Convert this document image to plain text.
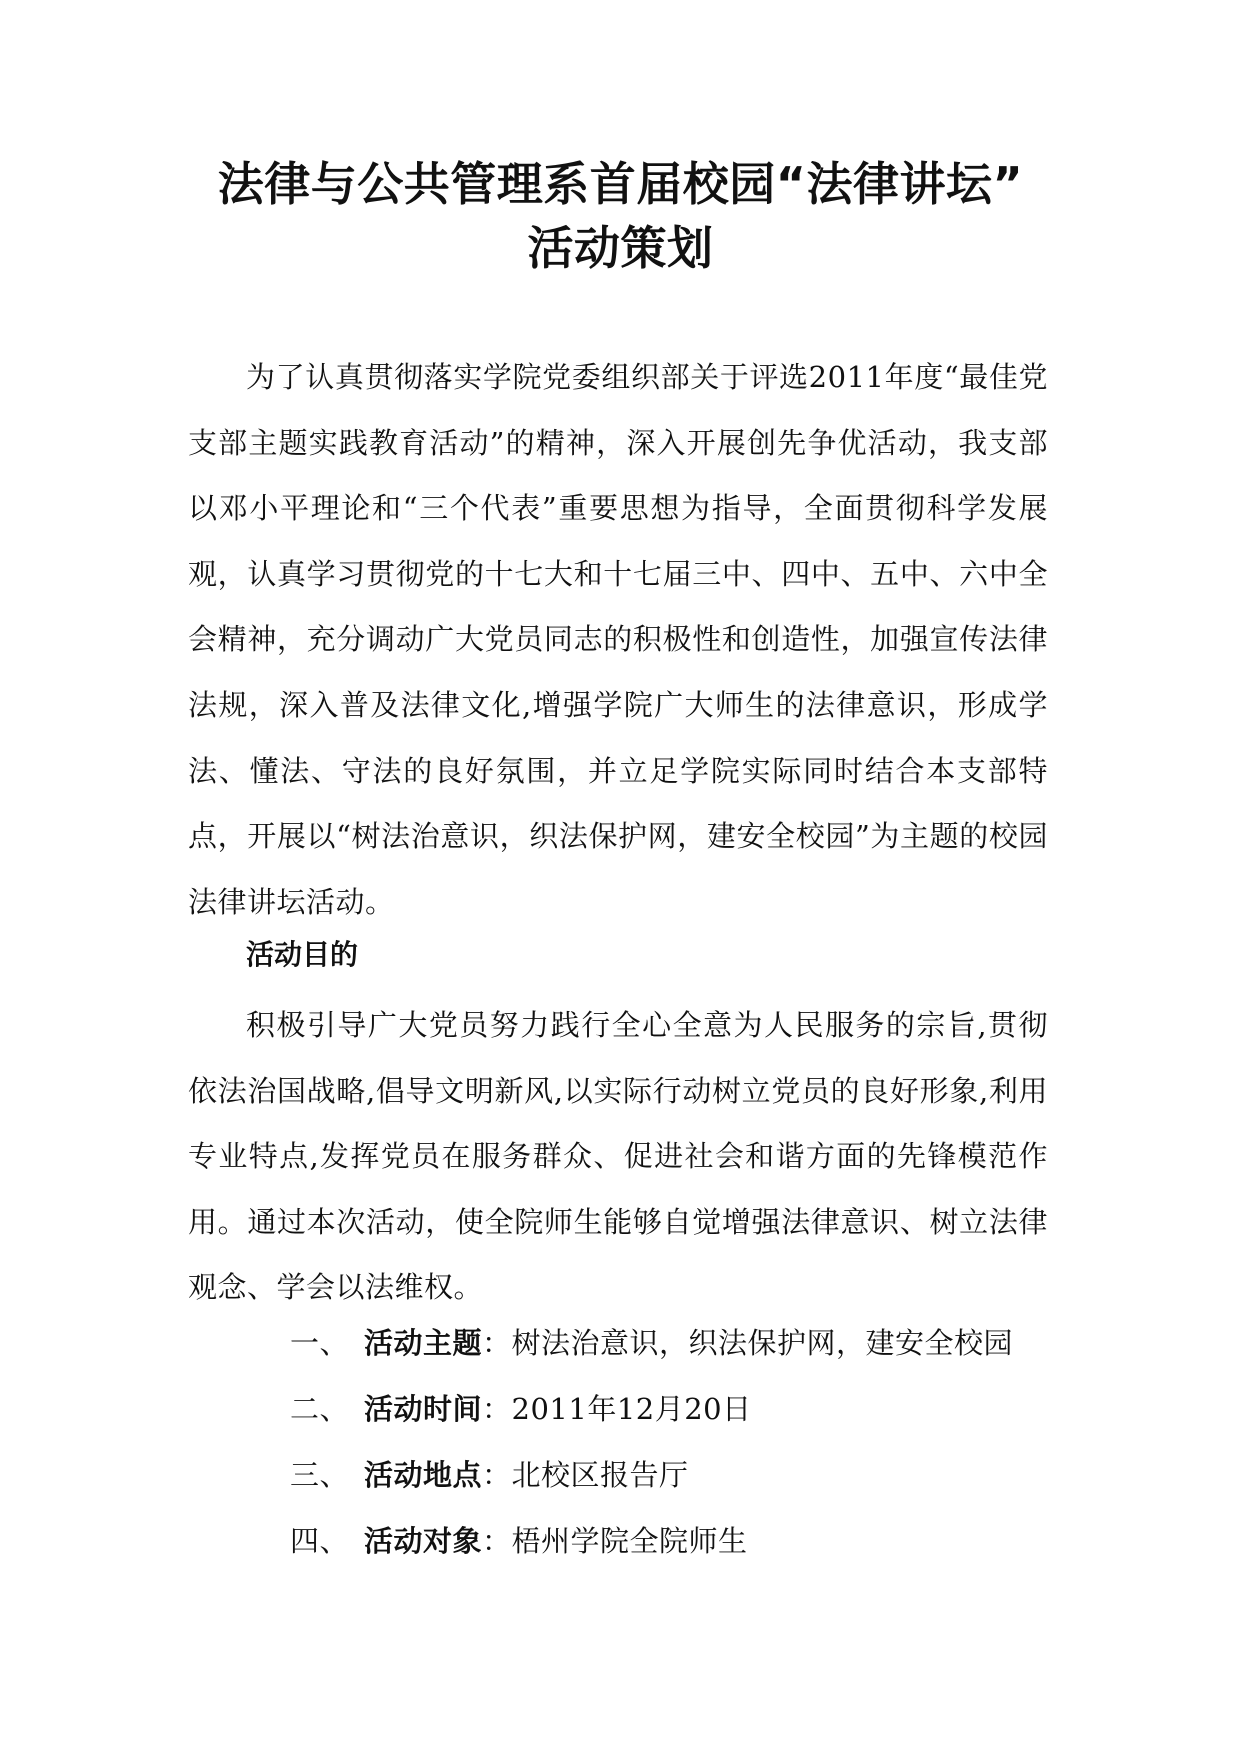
法律与公共管理系首届校园“法律讲坛”
活动策划

为了认真贯彻落实学院党委组织部关于评选2011年度“最佳党支部主题实践教育活动”的精神，深入开展创先争优活动，我支部以邓小平理论和“三个代表”重要思想为指导，全面贯彻科学发展观，认真学习贯彻党的十七大和十七届三中、四中、五中、六中全会精神，充分调动广大党员同志的积极性和创造性，加强宣传法律法规，深入普及法律文化,增强学院广大师生的法律意识，形成学法、懂法、守法的良好氛围，并立足学院实际同时结合本支部特点，开展以“树法治意识，织法保护网，建安全校园”为主题的校园法律讲坛活动。

活动目的

积极引导广大党员努力践行全心全意为人民服务的宗旨,贯彻依法治国战略,倡导文明新风,以实际行动树立党员的良好形象,利用专业特点,发挥党员在服务群众、促进社会和谐方面的先锋模范作用。通过本次活动，使全院师生能够自觉增强法律意识、树立法律观念、学会以法维权。

一、 活动主题：树法治意识，织法保护网，建安全校园

二、 活动时间：2011年12月20日

三、 活动地点：北校区报告厅

四、 活动对象：梧州学院全院师生
